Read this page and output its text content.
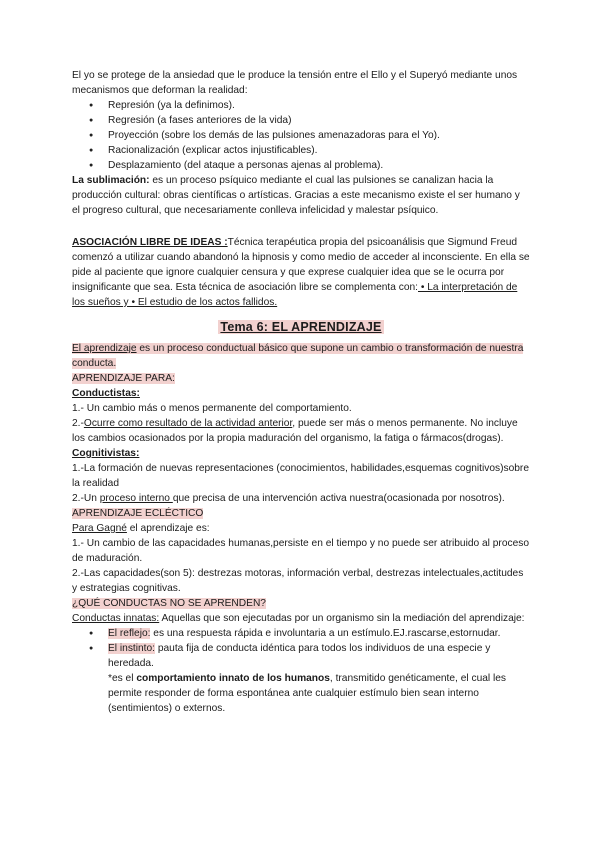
El yo se protege de la ansiedad que le produce la tensión entre el Ello y el Superyó mediante unos mecanismos que deforman la realidad:

● Represión (ya la definimos).
● Regresión (a fases anteriores de la vida)
● Proyección (sobre los demás de las pulsiones amenazadoras para el Yo).
● Racionalización (explicar actos injustificables).
● Desplazamiento (del ataque a personas ajenas al problema).

La sublimación: es un proceso psíquico mediante el cual las pulsiones se canalizan hacia la producción cultural: obras científicas o artísticas. Gracias a este mecanismo existe el ser humano y el progreso cultural, que necesariamente conlleva infelicidad y malestar psíquico.

ASOCIACIÓN LIBRE DE IDEAS :Técnica terapéutica propia del psicoanálisis que Sigmund Freud comenzó a utilizar cuando abandonó la hipnosis y como medio de acceder al inconsciente. En ella se pide al paciente que ignore cualquier censura y que exprese cualquier idea que se le ocurra por insignificante que sea. Esta técnica de asociación libre se complementa con: • La interpretación de los sueños y • El estudio de los actos fallidos.

Tema 6: EL APRENDIZAJE

El aprendizaje es un proceso conductual básico que supone un cambio o transformación de nuestra conducta.

APRENDIZAJE PARA:

Conductistas:

1.- Un cambio más o menos permanente del comportamiento.

2.-Ocurre como resultado de la actividad anterior, puede ser más o menos permanente. No incluye los cambios ocasionados por la propia maduración del organismo, la fatiga o fármacos(drogas).

Cognitivistas:

1.-La formación de nuevas representaciones (conocimientos, habilidades,esquemas cognitivos)sobre la realidad

2.-Un proceso interno que precisa de una intervención activa nuestra(ocasionada por nosotros).

APRENDIZAJE ECLÉCTICO

Para Gagné el aprendizaje es:

1.- Un cambio de las capacidades humanas,persiste en el tiempo y no puede ser atribuido al proceso de maduración.

2.-Las capacidades(son 5): destrezas motoras, información verbal, destrezas intelectuales,actitudes y estrategias cognitivas.

¿QUÉ CONDUCTAS NO SE APRENDEN?

Conductas innatas: Aquellas que son ejecutadas por un organismo sin la mediación del aprendizaje:

● El reflejo: es una respuesta rápida e involuntaria a un estímulo.EJ.rascarse,estornudar.
● El instinto: pauta fija de conducta idéntica para todos los individuos de una especie y heredada.

*es el comportamiento innato de los humanos, transmitido genéticamente, el cual les permite responder de forma espontánea ante cualquier estímulo bien sean interno (sentimientos) o externos.
